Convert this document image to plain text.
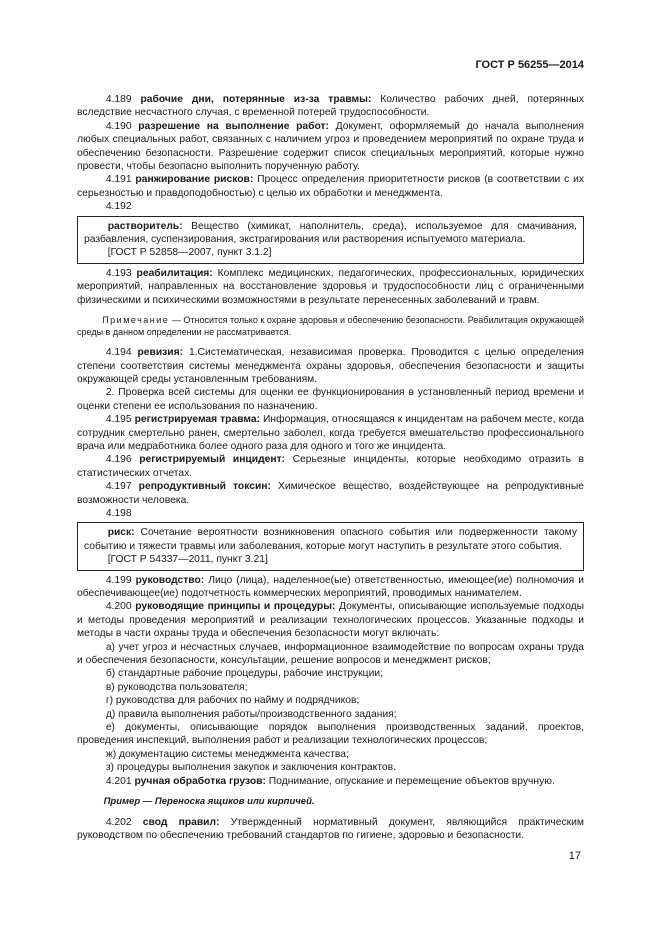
ГОСТ Р 56255—2014

4.189 рабочие дни, потерянные из-за травмы: Количество рабочих дней, потерянных вследствие несчастного случая, с временной потерей трудоспособности.

4.190 разрешение на выполнение работ: Документ, оформляемый до начала выполнения любых специальных работ, связанных с наличием угроз и проведением мероприятий по охране труда и обеспечению безопасности. Разрешение содержит список специальных мероприятий, которые нужно провести, чтобы безопасно выполнить порученную работу.

4.191 ранжирование рисков: Процесс определения приоритетности рисков (в соответствии с их серьезностью и правдоподобностью) с целью их обработки и менеджмента.

4.192

растворитель: Вещество (химикат, наполнитель, среда), используемое для смачивания, разбавления, суспензирования, экстрагирования или растворения испытуемого материала.

[ГОСТ Р 52858—2007, пункт 3.1.2]

4.193 реабилитация: Комплекс медицинских, педагогических, профессиональных, юридических мероприятий, направленных на восстановление здоровья и трудоспособности лиц с ограниченными физическими и психическими возможностями в результате перенесенных заболеваний и травм.

Примечание — Относится только к охране здоровья и обеспечению безопасности. Реабилитация окружающей среды в данном определении не рассматривается.

4.194 ревизия: 1.Систематическая, независимая проверка. Проводится с целью определения степени соответствия системы менеджмента охраны здоровья, обеспечения безопасности и защиты окружающей среды установленным требованиям.

2. Проверка всей системы для оценки ее функционирования в установленный период времени и оценки степени ее использования по назначению.

4.195 регистрируемая травма: Информация, относящаяся к инцидентам на рабочем месте, когда сотрудник смертельно ранен, смертельно заболел, когда требуется вмешательство профессионального врача или медработника более одного раза для одного и того же инцидента.

4.196 регистрируемый инцидент: Серьезные инциденты, которые необходимо отразить в статистических отчетах.

4.197 репродуктивный токсин: Химическое вещество, воздействующее на репродуктивные возможности человека.

4.198

риск: Сочетание вероятности возникновения опасного события или подверженности такому событию и тяжести травмы или заболевания, которые могут наступить в результате этого события.

[ГОСТ Р 54337—2011, пункт 3.21]

4.199 руководство: Лицо (лица), наделенное(ые) ответственностью, имеющее(ие) полномочия и обеспечивающее(ие) подотчетность коммерческих мероприятий, проводимых нанимателем.

4.200 руководящие принципы и процедуры: Документы, описывающие используемые подходы и методы проведения мероприятий и реализации технологических процессов. Указанные подходы и методы в части охраны труда и обеспечения безопасности могут включать:

а) учет угроз и несчастных случаев, информационное взаимодействие по вопросам охраны труда и обеспечения безопасности, консультации, решение вопросов и менеджмент рисков;

б) стандартные рабочие процедуры, рабочие инструкции;

в) руководства пользователя;

г) руководства для рабочих по найму и подрядчиков;

д) правила выполнения работы/производственного задания;

е) документы, описывающие порядок выполнения производственных заданий, проектов, проведения инспекций, выполнения работ и реализации технологических процессов;

ж) документацию системы менеджмента качества;

з) процедуры выполнения закупок и заключения контрактов.

4.201 ручная обработка грузов: Поднимание, опускание и перемещение объектов вручную.

Пример — Переноска ящиков или кирпичей.

4.202 свод правил: Утвержденный нормативный документ, являющийся практическим руководством по обеспечению требований стандартов по гигиене, здоровью и безопасности.

17
